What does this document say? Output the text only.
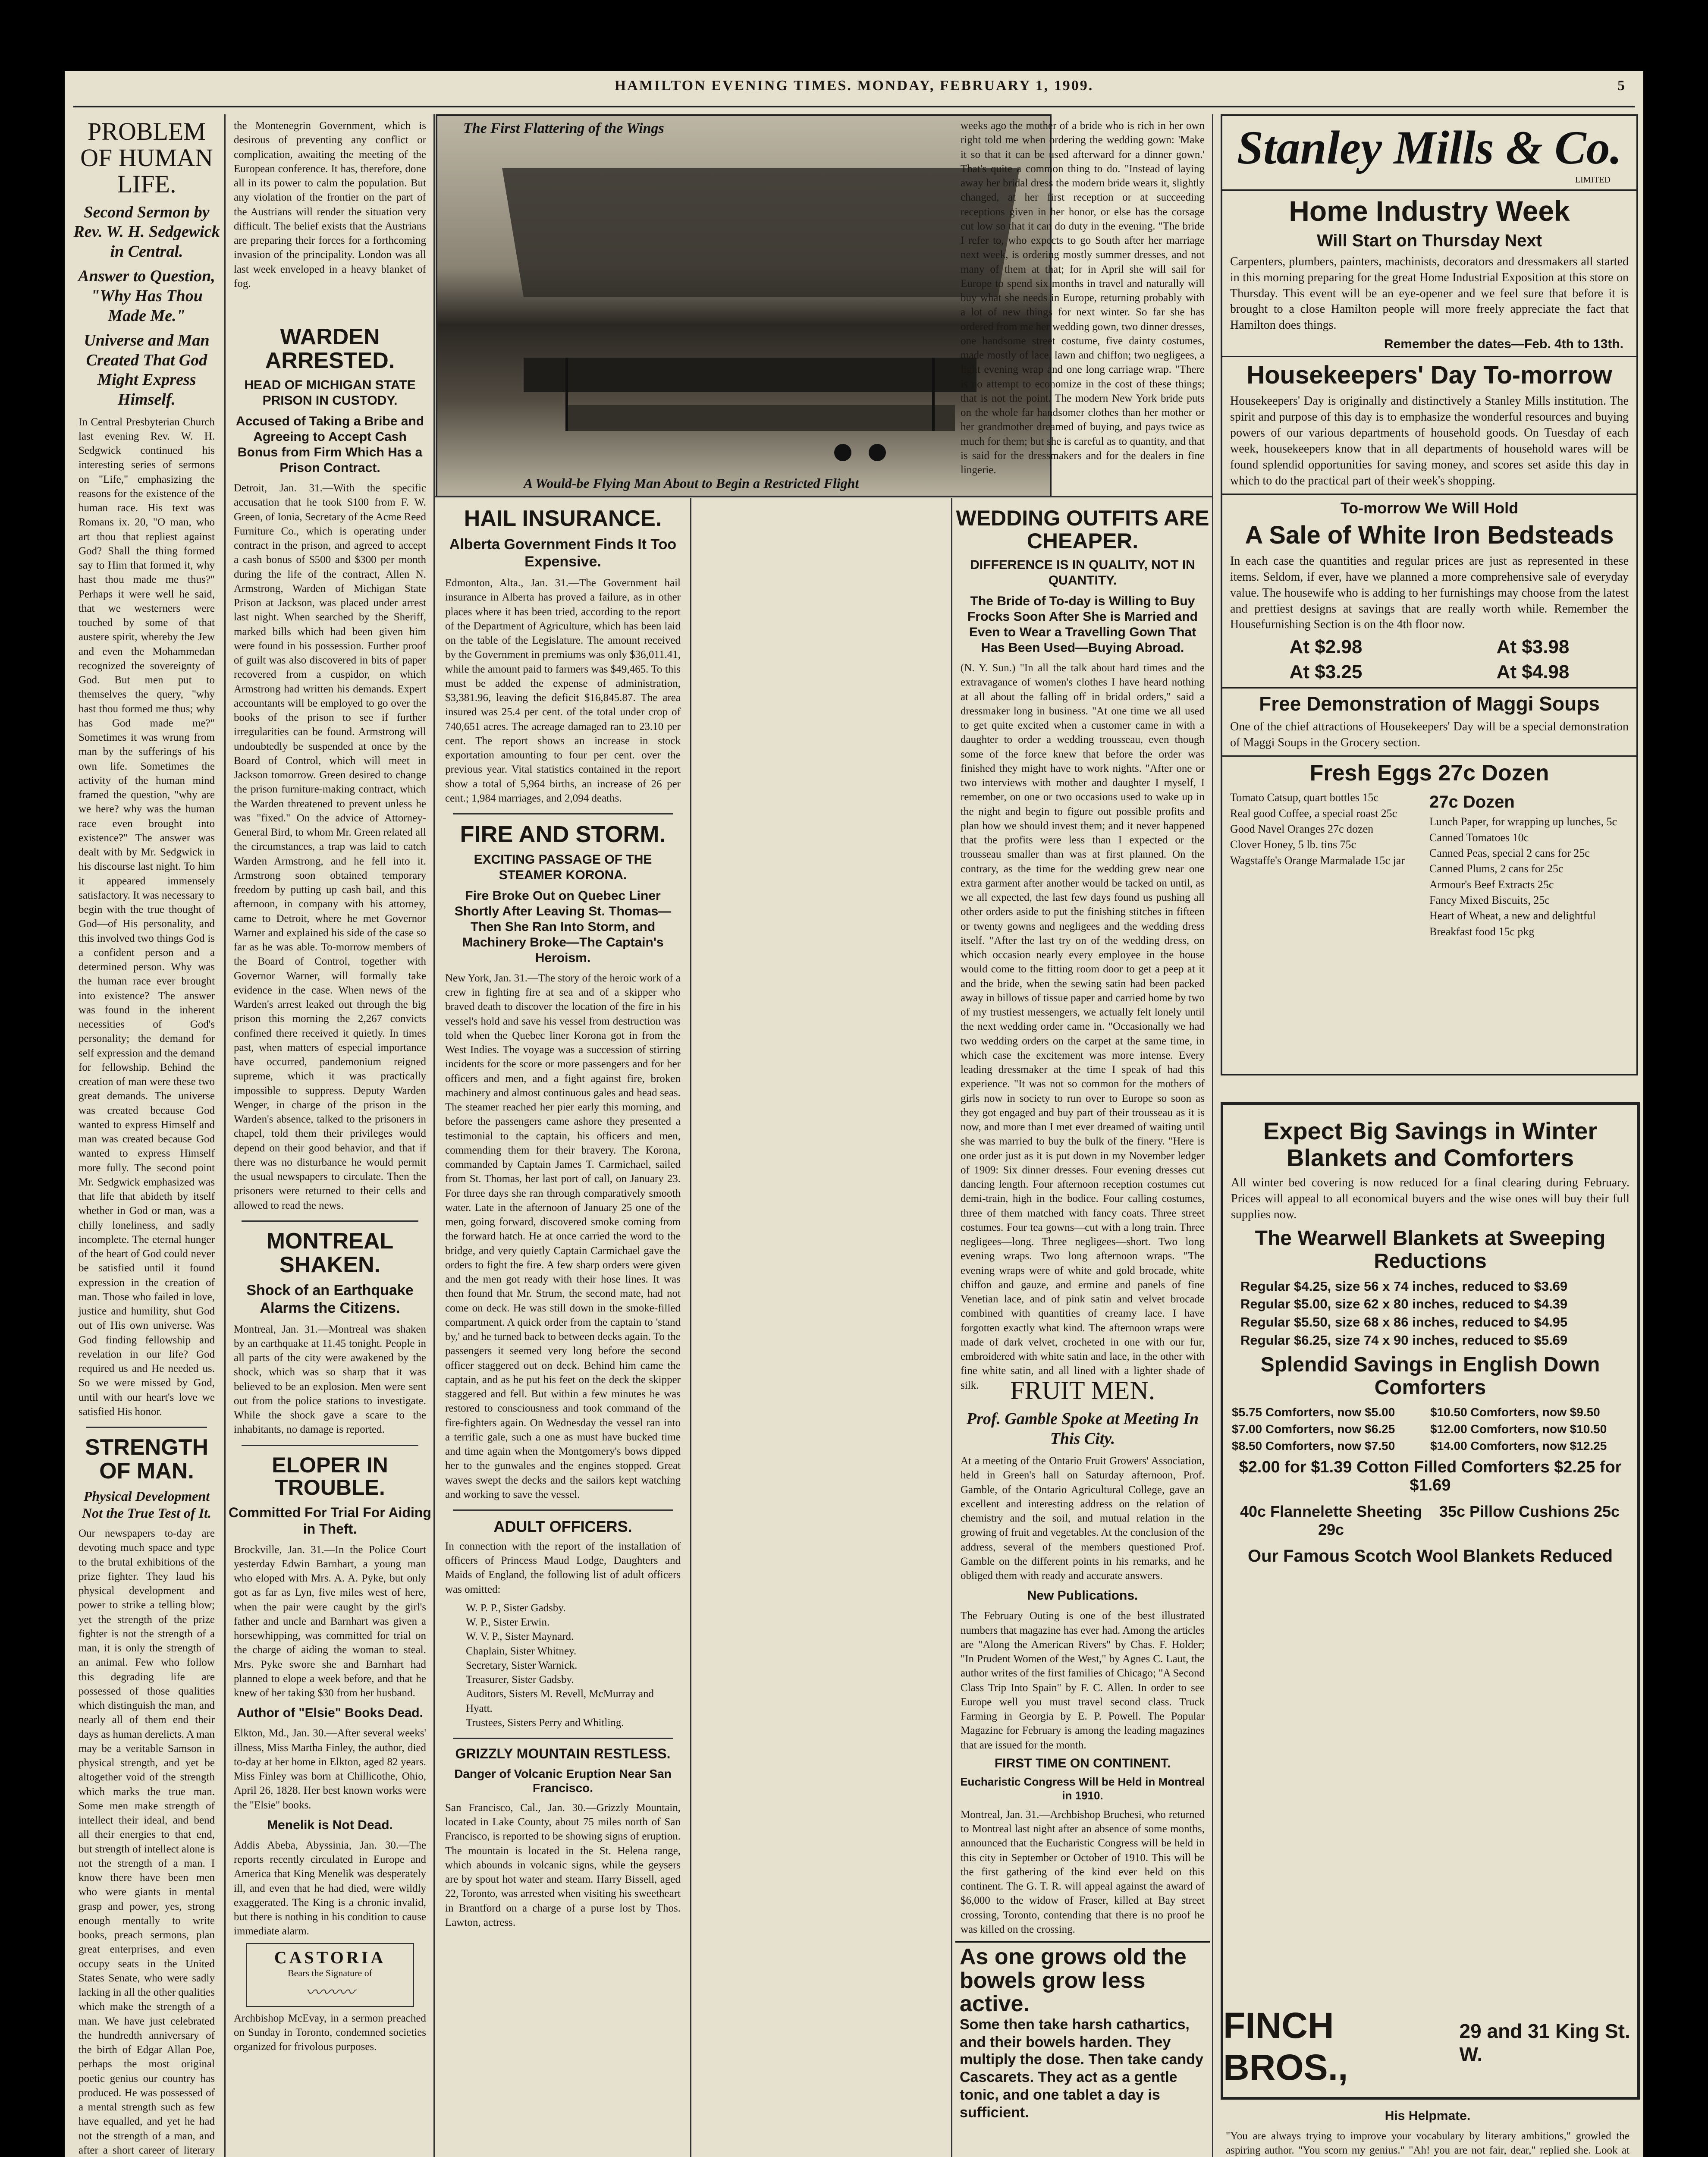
HAMILTON EVENING TIMES. MONDAY, FEBRUARY 1, 1909.	5
PROBLEM OF HUMAN LIFE.
Second Sermon by Rev. W. H. Sedgewick in Central.
Answer to Question, "Why Has Thou Made Me."
Universe and Man Created That God Might Express Himself.
In Central Presbyterian Church last evening Rev. W. H. Sedgwick continued his interesting series of sermons on "Life," emphasizing the reasons for the existence of the human race. His text was Romans ix. 20, "O man, who art thou that repliest against God? Shall the thing formed say to Him that formed it, why hast thou made me thus?" Perhaps it were well he said, that we westerners were touched by some of that austere spirit, whereby the Jew and even the Mohammedan recognized the sovereignty of God. But men put to themselves the query, "why hast thou formed me thus; why has God made me?" Sometimes it was wrung from man by the sufferings of his own life. Sometimes the activity of the human mind framed the question, "why are we here? why was the human race even brought into existence?" The answer was dealt with by Mr. Sedgwick in his discourse last night. To him it appeared immensely satisfactory. It was necessary to begin with the true thought of God—of His personality, and this involved two things God is a confident person and a determined person. Why was the human race ever brought into existence? The answer was found in the inherent necessities of God's personality; the demand for self expression and the demand for fellowship. Behind the creation of man were these two great demands. The universe was created because God wanted to express Himself and man was created because God wanted to express Himself more fully. The second point Mr. Sedgwick emphasized was that life that abideth by itself whether in God or man, was a chilly loneliness, and sadly incomplete. The eternal hunger of the heart of God could never be satisfied until it found expression in the creation of man. Those who failed in love, justice and humility, shut God out of His own universe. Was God finding fellowship and revelation in our life? God required us and He needed us. So we were missed by God, until with our heart's love we satisfied His honor.
STRENGTH OF MAN.
Physical Development Not the True Test of It.
Our newspapers to-day are devoting much space and type to the brutal exhibitions of the prize fighter. They laud his physical development and power to strike a telling blow; yet the strength of the prize fighter is not the strength of a man, it is only the strength of an animal. Few who follow this degrading life are possessed of those qualities which distinguish the man, and nearly all of them end their days as human derelicts. A man may be a veritable Samson in physical strength, and yet be altogether void of the strength which marks the true man. Some men make strength of intellect their ideal, and bend all their energies to that end, but strength of intellect alone is not the strength of a man. I know there have been men who were giants in mental grasp and power, yes, strong enough mentally to write books, preach sermons, plan great enterprises, and even occupy seats in the United States Senate, who were sadly lacking in all the other qualities which make the strength of a man. We have just celebrated the hundredth anniversary of the birth of Edgar Allan Poe, perhaps the most original poetic genius our country has produced. He was possessed of a mental strength such as few have equalled, and yet he had not the strength of a man, and after a short career of literary
the Montenegrin Government, which is desirous of preventing any conflict or complication, awaiting the meeting of the European conference. It has, therefore, done all in its power to calm the population. But any violation of the frontier on the part of the Austrians will render the situation very difficult. The belief exists that the Austrians are preparing their forces for a forthcoming invasion of the principality. London was all last week enveloped in a heavy blanket of fog.
WARDEN ARRESTED.
HEAD OF MICHIGAN STATE PRISON IN CUSTODY.
Accused of Taking a Bribe and Agreeing to Accept Cash Bonus from Firm Which Has a Prison Contract.
Detroit, Jan. 31.—With the specific accusation that he took $100 from F. W. Green, of Ionia, Secretary of the Acme Reed Furniture Co., which is operating under contract in the prison, and agreed to accept a cash bonus of $500 and $300 per month during the life of the contract, Allen N. Armstrong, Warden of Michigan State Prison at Jackson, was placed under arrest last night. When searched by the Sheriff, marked bills which had been given him were found in his possession. Further proof of guilt was also discovered in bits of paper recovered from a cuspidor, on which Armstrong had written his demands. Expert accountants will be employed to go over the books of the prison to see if further irregularities can be found. Armstrong will undoubtedly be suspended at once by the Board of Control, which will meet in Jackson tomorrow. Green desired to change the prison furniture-making contract, which the Warden threatened to prevent unless he was "fixed." On the advice of Attorney-General Bird, to whom Mr. Green related all the circumstances, a trap was laid to catch Warden Armstrong, and he fell into it. Armstrong soon obtained temporary freedom by putting up cash bail, and this afternoon, in company with his attorney, came to Detroit, where he met Governor Warner and explained his side of the case so far as he was able. To-morrow members of the Board of Control, together with Governor Warner, will formally take evidence in the case. When news of the Warden's arrest leaked out through the big prison this morning the 2,267 convicts confined there received it quietly. In times past, when matters of especial importance have occurred, pandemonium reigned supreme, which it was practically impossible to suppress. Deputy Warden Wenger, in charge of the prison in the Warden's absence, talked to the prisoners in chapel, told them their privileges would depend on their good behavior, and that if there was no disturbance he would permit the usual newspapers to circulate. Then the prisoners were returned to their cells and allowed to read the news.
MONTREAL SHAKEN.
Shock of an Earthquake Alarms the Citizens.
Montreal, Jan. 31.—Montreal was shaken by an earthquake at 11.45 tonight. People in all parts of the city were awakened by the shock, which was so sharp that it was believed to be an explosion. Men were sent out from the police stations to investigate. While the shock gave a scare to the inhabitants, no damage is reported.
ELOPER IN TROUBLE.
Committed For Trial For Aiding in Theft.
Brockville, Jan. 31.—In the Police Court yesterday Edwin Barnhart, a young man who eloped with Mrs. A. A. Pyke, but only got as far as Lyn, five miles west of here, when the pair were caught by the girl's father and uncle and Barnhart was given a horsewhipping, was committed for trial on the charge of aiding the woman to steal. Mrs. Pyke swore she and Barnhart had planned to elope a week before, and that he knew of her taking $30 from her husband.
Author of "Elsie" Books Dead.
Elkton, Md., Jan. 30.—After several weeks' illness, Miss Martha Finley, the author, died to-day at her home in Elkton, aged 82 years. Miss Finley was born at Chillicothe, Ohio, April 26, 1828. Her best known works were the "Elsie" books.
Menelik is Not Dead.
Addis Abeba, Abyssinia, Jan. 30.—The reports recently circulated in Europe and America that King Menelik was desperately ill, and even that he had died, were wildly exaggerated. The King is a chronic invalid, but there is nothing in his condition to cause immediate alarm.
CASTORIA
Bears the Signature of
〰〰〰
Archbishop McEvay, in a sermon preached on Sunday in Toronto, condemned societies organized for frivolous purposes.
The First Flattering of the Wings
A Would-be Flying Man About to Begin a Restricted Flight
HAIL INSURANCE.
Alberta Government Finds It Too Expensive.
Edmonton, Alta., Jan. 31.—The Government hail insurance in Alberta has proved a failure, as in other places where it has been tried, according to the report of the Department of Agriculture, which has been laid on the table of the Legislature. The amount received by the Government in premiums was only $36,011.41, while the amount paid to farmers was $49,465. To this must be added the expense of administration, $3,381.96, leaving the deficit $16,845.87. The area insured was 25.4 per cent. of the total under crop of 740,651 acres. The acreage damaged ran to 23.10 per cent. The report shows an increase in stock exportation amounting to four per cent. over the previous year. Vital statistics contained in the report show a total of 5,964 births, an increase of 26 per cent.; 1,984 marriages, and 2,094 deaths.
FIRE AND STORM.
EXCITING PASSAGE OF THE STEAMER KORONA.
Fire Broke Out on Quebec Liner Shortly After Leaving St. Thomas—Then She Ran Into Storm, and Machinery Broke—The Captain's Heroism.
New York, Jan. 31.—The story of the heroic work of a crew in fighting fire at sea and of a skipper who braved death to discover the location of the fire in his vessel's hold and save his vessel from destruction was told when the Quebec liner Korona got in from the West Indies. The voyage was a succession of stirring incidents for the score or more passengers and for her officers and men, and a fight against fire, broken machinery and almost continuous gales and head seas. The steamer reached her pier early this morning, and before the passengers came ashore they presented a testimonial to the captain, his officers and men, commending them for their bravery. The Korona, commanded by Captain James T. Carmichael, sailed from St. Thomas, her last port of call, on January 23. For three days she ran through comparatively smooth water. Late in the afternoon of January 25 one of the men, going forward, discovered smoke coming from the forward hatch. He at once carried the word to the bridge, and very quietly Captain Carmichael gave the orders to fight the fire. A few sharp orders were given and the men got ready with their hose lines. It was then found that Mr. Strum, the second mate, had not come on deck. He was still down in the smoke-filled compartment. A quick order from the captain to 'stand by,' and he turned back to between decks again. To the passengers it seemed very long before the second officer staggered out on deck. Behind him came the captain, and as he put his feet on the deck the skipper staggered and fell. But within a few minutes he was restored to consciousness and took command of the fire-fighters again. On Wednesday the vessel ran into a terrific gale, such a one as must have bucked time and time again when the Montgomery's bows dipped her to the gunwales and the engines stopped. Great waves swept the decks and the sailors kept watching and working to save the vessel.
ADULT OFFICERS.
In connection with the report of the installation of officers of Princess Maud Lodge, Daughters and Maids of England, the following list of adult officers was omitted:
W. P. P., Sister Gadsby.
W. P., Sister Erwin.
W. V. P., Sister Maynard.
Chaplain, Sister Whitney.
Secretary, Sister Warnick.
Treasurer, Sister Gadsby.
Auditors, Sisters M. Revell, McMurray and Hyatt.
Trustees, Sisters Perry and Whitling.
GRIZZLY MOUNTAIN RESTLESS.
Danger of Volcanic Eruption Near San Francisco.
San Francisco, Cal., Jan. 30.—Grizzly Mountain, located in Lake County, about 75 miles north of San Francisco, is reported to be showing signs of eruption. The mountain is located in the St. Helena range, which abounds in volcanic signs, while the geysers are by spout hot water and steam. Harry Bissell, aged 22, Toronto, was arrested when visiting his sweetheart in Brantford on a charge of a purse lost by Thos. Lawton, actress.
weeks ago the mother of a bride who is rich in her own right told me when ordering the wedding gown: 'Make it so that it can be used afterward for a dinner gown.' That's quite a common thing to do. "Instead of laying away her bridal dress the modern bride wears it, slightly changed, at her first reception or at succeeding receptions given in her honor, or else has the corsage cut low so that it can do duty in the evening. "The bride I refer to, who expects to go South after her marriage next week, is ordering mostly summer dresses, and not many of them at that; for in April she will sail for Europe to spend six months in travel and naturally will buy what she needs in Europe, returning probably with a lot of new things for next winter. So far she has ordered from me her wedding gown, two dinner dresses, one handsome street costume, five dainty costumes, made mostly of lace, lawn and chiffon; two negligees, a light evening wrap and one long carriage wrap. "There is no attempt to economize in the cost of these things; that is not the point. The modern New York bride puts on the whole far handsomer clothes than her mother or her grandmother dreamed of buying, and pays twice as much for them; but she is careful as to quantity, and that is said for the dressmakers and for the dealers in fine lingerie.
WEDDING OUTFITS ARE CHEAPER.
DIFFERENCE IS IN QUALITY, NOT IN QUANTITY.
The Bride of To-day is Willing to Buy Frocks Soon After She is Married and Even to Wear a Travelling Gown That Has Been Used—Buying Abroad.
(N. Y. Sun.) "In all the talk about hard times and the extravagance of women's clothes I have heard nothing at all about the falling off in bridal orders," said a dressmaker long in business. "At one time we all used to get quite excited when a customer came in with a daughter to order a wedding trousseau, even though some of the force knew that before the order was finished they might have to work nights. "After one or two interviews with mother and daughter I myself, I remember, on one or two occasions used to wake up in the night and begin to figure out possible profits and plan how we should invest them; and it never happened that the profits were less than I expected or the trousseau smaller than was at first planned. On the contrary, as the time for the wedding grew near one extra garment after another would be tacked on until, as we all expected, the last few days found us pushing all other orders aside to put the finishing stitches in fifteen or twenty gowns and negligees and the wedding dress itself. "After the last try on of the wedding dress, on which occasion nearly every employee in the house would come to the fitting room door to get a peep at it and the bride, when the sewing satin had been packed away in billows of tissue paper and carried home by two of my trustiest messengers, we actually felt lonely until the next wedding order came in. "Occasionally we had two wedding orders on the carpet at the same time, in which case the excitement was more intense. Every leading dressmaker at the time I speak of had this experience. "It was not so common for the mothers of girls now in society to run over to Europe so soon as they got engaged and buy part of their trousseau as it is now, and more than I met ever dreamed of waiting until she was married to buy the bulk of the finery. "Here is one order just as it is put down in my November ledger of 1909: Six dinner dresses. Four evening dresses cut dancing length. Four afternoon reception costumes cut demi-train, high in the bodice. Four calling costumes, three of them matched with fancy coats. Three street costumes. Four tea gowns—cut with a long train. Three negligees—long. Three negligees—short. Two long evening wraps. Two long afternoon wraps. "The evening wraps were of white and gold brocade, white chiffon and gauze, and ermine and panels of fine Venetian lace, and of pink satin and velvet brocade combined with quantities of creamy lace. I have forgotten exactly what kind. The afternoon wraps were made of dark velvet, crocheted in one with our fur, embroidered with white satin and lace, in the other with fine white satin, and all lined with a lighter shade of silk.	FRUIT MEN.
Prof. Gamble Spoke at Meeting In This City.
At a meeting of the Ontario Fruit Growers' Association, held in Green's hall on Saturday afternoon, Prof. Gamble, of the Ontario Agricultural College, gave an excellent and interesting address on the relation of chemistry and the soil, and mutual relation in the growing of fruit and vegetables. At the conclusion of the address, several of the members questioned Prof. Gamble on the different points in his remarks, and he obliged them with ready and accurate answers.
New Publications.
The February Outing is one of the best illustrated numbers that magazine has ever had. Among the articles are "Along the American Rivers" by Chas. F. Holder; "In Prudent Women of the West," by Agnes C. Laut, the author writes of the first families of Chicago; "A Second Class Trip Into Spain" by F. C. Allen. In order to see Europe well you must travel second class. Truck Farming in Georgia by E. P. Powell. The Popular Magazine for February is among the leading magazines that are issued for the month.
FIRST TIME ON CONTINENT.
Eucharistic Congress Will be Held in Montreal in 1910.
Montreal, Jan. 31.—Archbishop Bruchesi, who returned to Montreal last night after an absence of some months, announced that the Eucharistic Congress will be held in this city in September or October of 1910. This will be the first gathering of the kind ever held on this continent. The G. T. R. will appeal against the award of $6,000 to the widow of Fraser, killed at Bay street crossing, Toronto, contending that there is no proof he was killed on the crossing.
As one grows old the bowels grow less active.
Some then take harsh cathartics, and their bowels harden. They multiply the dose. Then take candy Cascarets. They act as a gentle tonic, and one tablet a day is sufficient.
Stanley Mills & Co.
LIMITED
Home Industry Week
Will Start on Thursday Next
Carpenters, plumbers, painters, machinists, decorators and dressmakers all started in this morning preparing for the great Home Industrial Exposition at this store on Thursday. This event will be an eye-opener and we feel sure that before it is brought to a close Hamilton people will more freely appreciate the fact that Hamilton does things.
Remember the dates—Feb. 4th to 13th.
Housekeepers' Day To-morrow
Housekeepers' Day is originally and distinctively a Stanley Mills institution. The spirit and purpose of this day is to emphasize the wonderful resources and buying powers of our various departments of household goods. On Tuesday of each week, housekeepers know that in all departments of household wares will be found splendid opportunities for saving money, and scores set aside this day in which to do the practical part of their week's shopping.
To-morrow We Will Hold
A Sale of White Iron Bedsteads
In each case the quantities and regular prices are just as represented in these items. Seldom, if ever, have we planned a more comprehensive sale of everyday value. The housewife who is adding to her furnishings may choose from the latest and prettiest designs at savings that are really worth while. Remember the Housefurnishing Section is on the 4th floor now.
At $2.98	At $3.98
At $3.25	At $4.98
Free Demonstration of Maggi Soups
One of the chief attractions of Housekeepers' Day will be a special demonstration of Maggi Soups in the Grocery section.
Fresh Eggs 27c Dozen
Tomato Catsup, quart bottles 15c
Real good Coffee, a special roast 25c
Good Navel Oranges 27c dozen
Clover Honey, 5 lb. tins 75c
Wagstaffe's Orange Marmalade 15c jar
27c Dozen
Lunch Paper, for wrapping up lunches, 5c
Canned Tomatoes 10c
Canned Peas, special 2 cans for 25c
Canned Plums, 2 cans for 25c
Armour's Beef Extracts 25c
Fancy Mixed Biscuits, 25c
Heart of Wheat, a new and delightful Breakfast food 15c pkg
Expect Big Savings in Winter Blankets and Comforters
All winter bed covering is now reduced for a final clearing during February. Prices will appeal to all economical buyers and the wise ones will buy their full supplies now.
The Wearwell Blankets at Sweeping Reductions
Regular $4.25, size 56 x 74 inches, reduced to $3.69
Regular $5.00, size 62 x 80 inches, reduced to $4.39
Regular $5.50, size 68 x 86 inches, reduced to $4.95
Regular $6.25, size 74 x 90 inches, reduced to $5.69
Splendid Savings in English Down Comforters
$5.75 Comforters, now $5.00
$7.00 Comforters, now $6.25
$8.50 Comforters, now $7.50
$10.50 Comforters, now $9.50
$12.00 Comforters, now $10.50
$14.00 Comforters, now $12.25
$2.00 for $1.39 Cotton Filled Comforters $2.25 for $1.69
40c Flannelette Sheeting 29c
35c Pillow Cushions 25c
Our Famous Scotch Wool Blankets Reduced
FINCH BROS.,
29 and 31 King St. W.
His Helpmate.
"You are always trying to improve your vocabulary by literary ambitions," growled the aspiring author. "You scorn my genius." "Ah! you are not fair, dear," replied she. Look at
